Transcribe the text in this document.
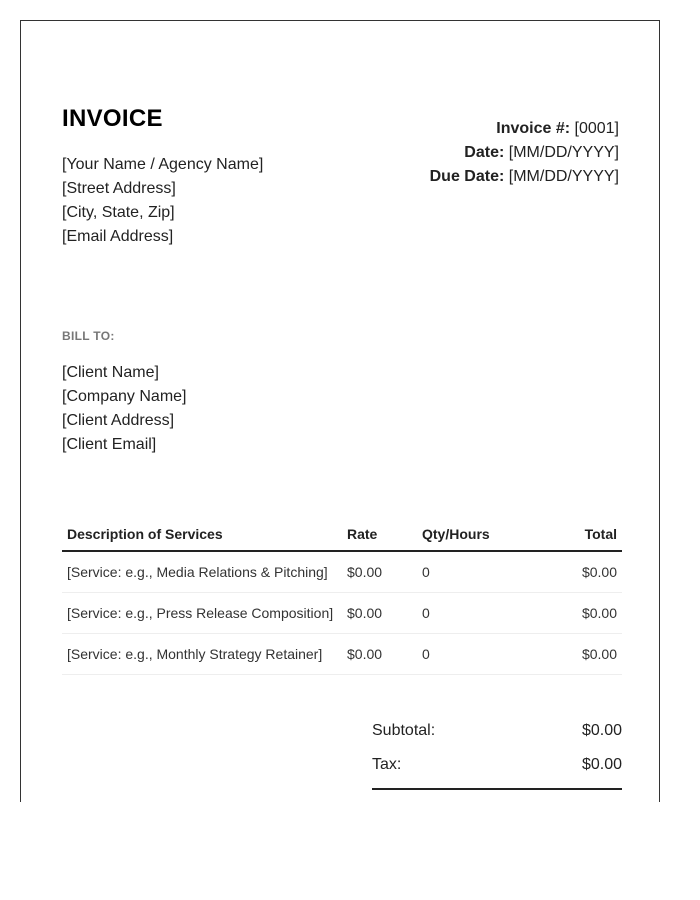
INVOICE
[Your Name / Agency Name]
[Street Address]
[City, State, Zip]
[Email Address]
Invoice #: [0001]
Date: [MM/DD/YYYY]
Due Date: [MM/DD/YYYY]
BILL TO:
[Client Name]
[Company Name]
[Client Address]
[Client Email]
Description of Services	Rate	Qty/Hours	Total
[Service: e.g., Media Relations & Pitching]	$0.00	0	$0.00
[Service: e.g., Press Release Composition]	$0.00	0	$0.00
[Service: e.g., Monthly Strategy Retainer]	$0.00	0	$0.00
Subtotal:	$0.00
Tax:	$0.00
